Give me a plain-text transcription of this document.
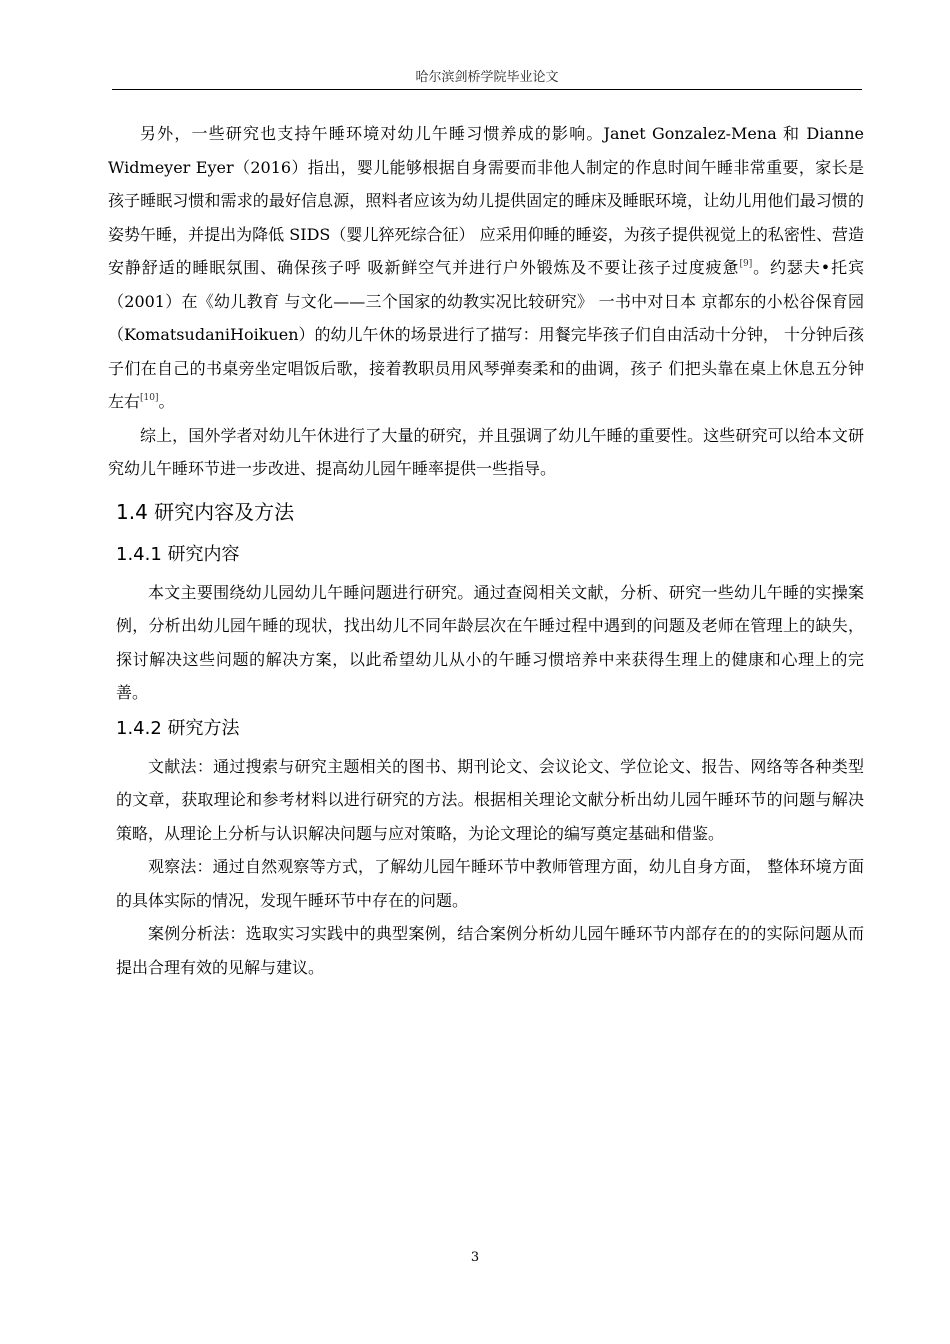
哈尔滨剑桥学院毕业论文

另外，一些研究也支持午睡环境对幼儿午睡习惯养成的影响。Janet Gonzalez-Mena 和 Dianne Widmeyer Eyer（2016）指出，婴儿能够根据自身需要而非他人制定的作息时间午睡非常重要，家长是孩子睡眠习惯和需求的最好信息源，照料者应该为幼儿提供固定的睡床及睡眠环境，让幼儿用他们最习惯的姿势午睡，并提出为降低 SIDS（婴儿猝死综合征） 应采用仰睡的睡姿，为孩子提供视觉上的私密性、营造安静舒适的睡眠氛围、确保孩子呼 吸新鲜空气并进行户外锻炼及不要让孩子过度疲惫[9]。约瑟夫•托宾（2001）在《幼儿教育 与文化——三个国家的幼教实况比较研究》 一书中对日本 京都东的小松谷保育园 （KomatsudaniHoikuen）的幼儿午休的场景进行了描写：用餐完毕孩子们自由活动十分钟， 十分钟后孩子们在自己的书桌旁坐定唱饭后歌，接着教职员用风琴弹奏柔和的曲调，孩子 们把头靠在桌上休息五分钟左右[10]。

综上，国外学者对幼儿午休进行了大量的研究，并且强调了幼儿午睡的重要性。这些研究可以给本文研究幼儿午睡环节进一步改进、提高幼儿园午睡率提供一些指导。

1.4 研究内容及方法
1.4.1 研究内容

本文主要围绕幼儿园幼儿午睡问题进行研究。通过查阅相关文献，分析、研究一些幼儿午睡的实操案例，分析出幼儿园午睡的现状，找出幼儿不同年龄层次在午睡过程中遇到的问题及老师在管理上的缺失，探讨解决这些问题的解决方案，以此希望幼儿从小的午睡习惯培养中来获得生理上的健康和心理上的完善。

1.4.2 研究方法

文献法：通过搜索与研究主题相关的图书、期刊论文、会议论文、学位论文、报告、网络等各种类型的文章，获取理论和参考材料以进行研究的方法。根据相关理论文献分析出幼儿园午睡环节的问题与解决策略，从理论上分析与认识解决问题与应对策略，为论文理论的编写奠定基础和借鉴。

观察法：通过自然观察等方式，了解幼儿园午睡环节中教师管理方面，幼儿自身方面， 整体环境方面的具体实际的情况，发现午睡环节中存在的问题。

案例分析法：选取实习实践中的典型案例，结合案例分析幼儿园午睡环节内部存在的的实际问题从而提出合理有效的见解与建议。

3
